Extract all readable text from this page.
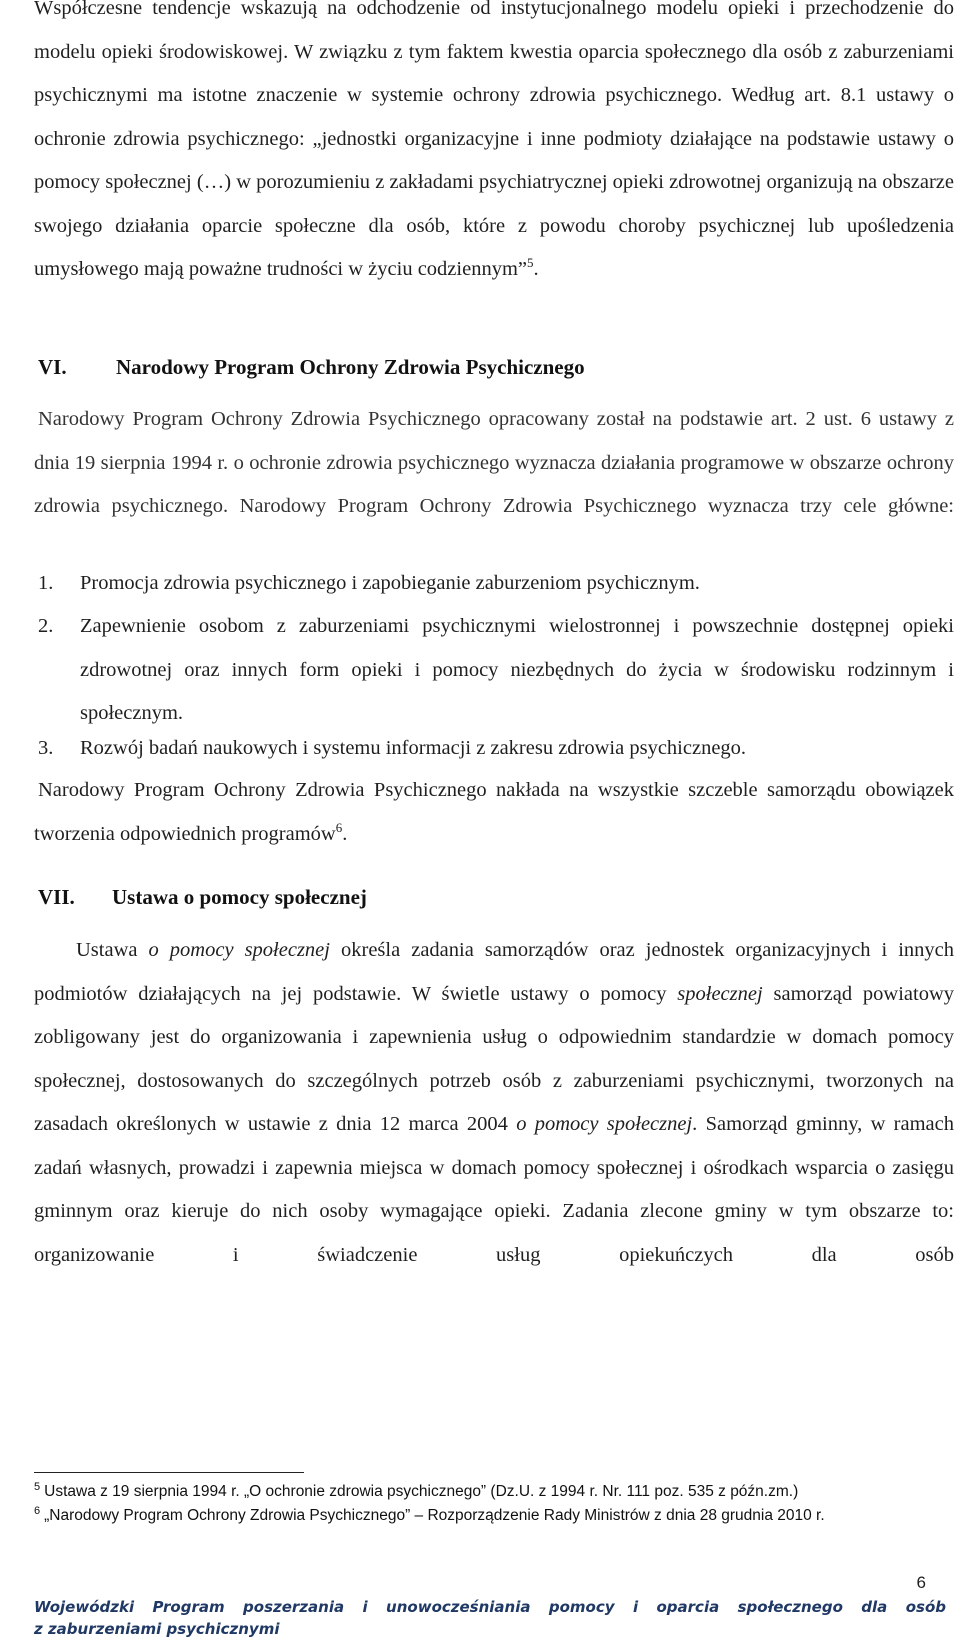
Współczesne tendencje wskazują na odchodzenie od instytucjonalnego modelu opieki i przechodzenie do modelu opieki środowiskowej. W związku z tym faktem kwestia oparcia społecznego dla osób z zaburzeniami psychicznymi ma istotne znaczenie w systemie ochrony zdrowia psychicznego. Według art. 8.1 ustawy o ochronie zdrowia psychicznego: „jednostki organizacyjne i inne podmioty działające na podstawie ustawy o pomocy społecznej (…) w porozumieniu z zakładami psychiatrycznej opieki zdrowotnej organizują na obszarze swojego działania oparcie społeczne dla osób, które z powodu choroby psychicznej lub upośledzenia umysłowego mają poważne trudności w życiu codziennym”$^5$.

VI. Narodowy Program Ochrony Zdrowia Psychicznego

Narodowy Program Ochrony Zdrowia Psychicznego opracowany został na podstawie art. 2 ust. 6 ustawy z dnia 19 sierpnia 1994 r. o ochronie zdrowia psychicznego wyznacza działania programowe w obszarze ochrony zdrowia psychicznego. Narodowy Program Ochrony Zdrowia Psychicznego wyznacza trzy cele główne:

1.	Promocja zdrowia psychicznego i zapobieganie zaburzeniom psychicznym.
2.	Zapewnienie osobom z zaburzeniami psychicznymi wielostronnej i powszechnie dostępnej opieki zdrowotnej oraz innych form opieki i pomocy niezbędnych do życia w środowisku rodzinnym i społecznym.
3.	Rozwój badań naukowych i systemu informacji z zakresu zdrowia psychicznego.

Narodowy Program Ochrony Zdrowia Psychicznego nakłada na wszystkie szczeble samorządu obowiązek tworzenia odpowiednich programów$^6$.

VII. Ustawa o pomocy społecznej

Ustawa o pomocy społecznej określa zadania samorządów oraz jednostek organizacyjnych i innych podmiotów działających na jej podstawie. W świetle ustawy o pomocy społecznej samorząd powiatowy zobligowany jest do organizowania i zapewnienia usług o odpowiednim standardzie w domach pomocy społecznej, dostosowanych do szczególnych potrzeb osób z zaburzeniami psychicznymi, tworzonych na zasadach określonych w ustawie z dnia 12 marca 2004 o pomocy społecznej. Samorząd gminny, w ramach zadań własnych, prowadzi i zapewnia miejsca w domach pomocy społecznej i ośrodkach wsparcia o zasięgu gminnym oraz kieruje do nich osoby wymagające opieki. Zadania zlecone gminy w tym obszarze to: organizowanie i świadczenie usług opiekuńczych dla osób

$^5$ Ustawa z 19 sierpnia 1994 r. „O ochronie zdrowia psychicznego” (Dz.U. z 1994 r. Nr. 111 poz. 535 z późn.zm.)
$^6$ „Narodowy Program Ochrony Zdrowia Psychicznego” – Rozporządzenie Rady Ministrów z dnia 28 grudnia 2010 r.
6
Wojewódzki Program poszerzania i unowocześniania pomocy i oparcia społecznego dla osób
z zaburzeniami psychicznymi
